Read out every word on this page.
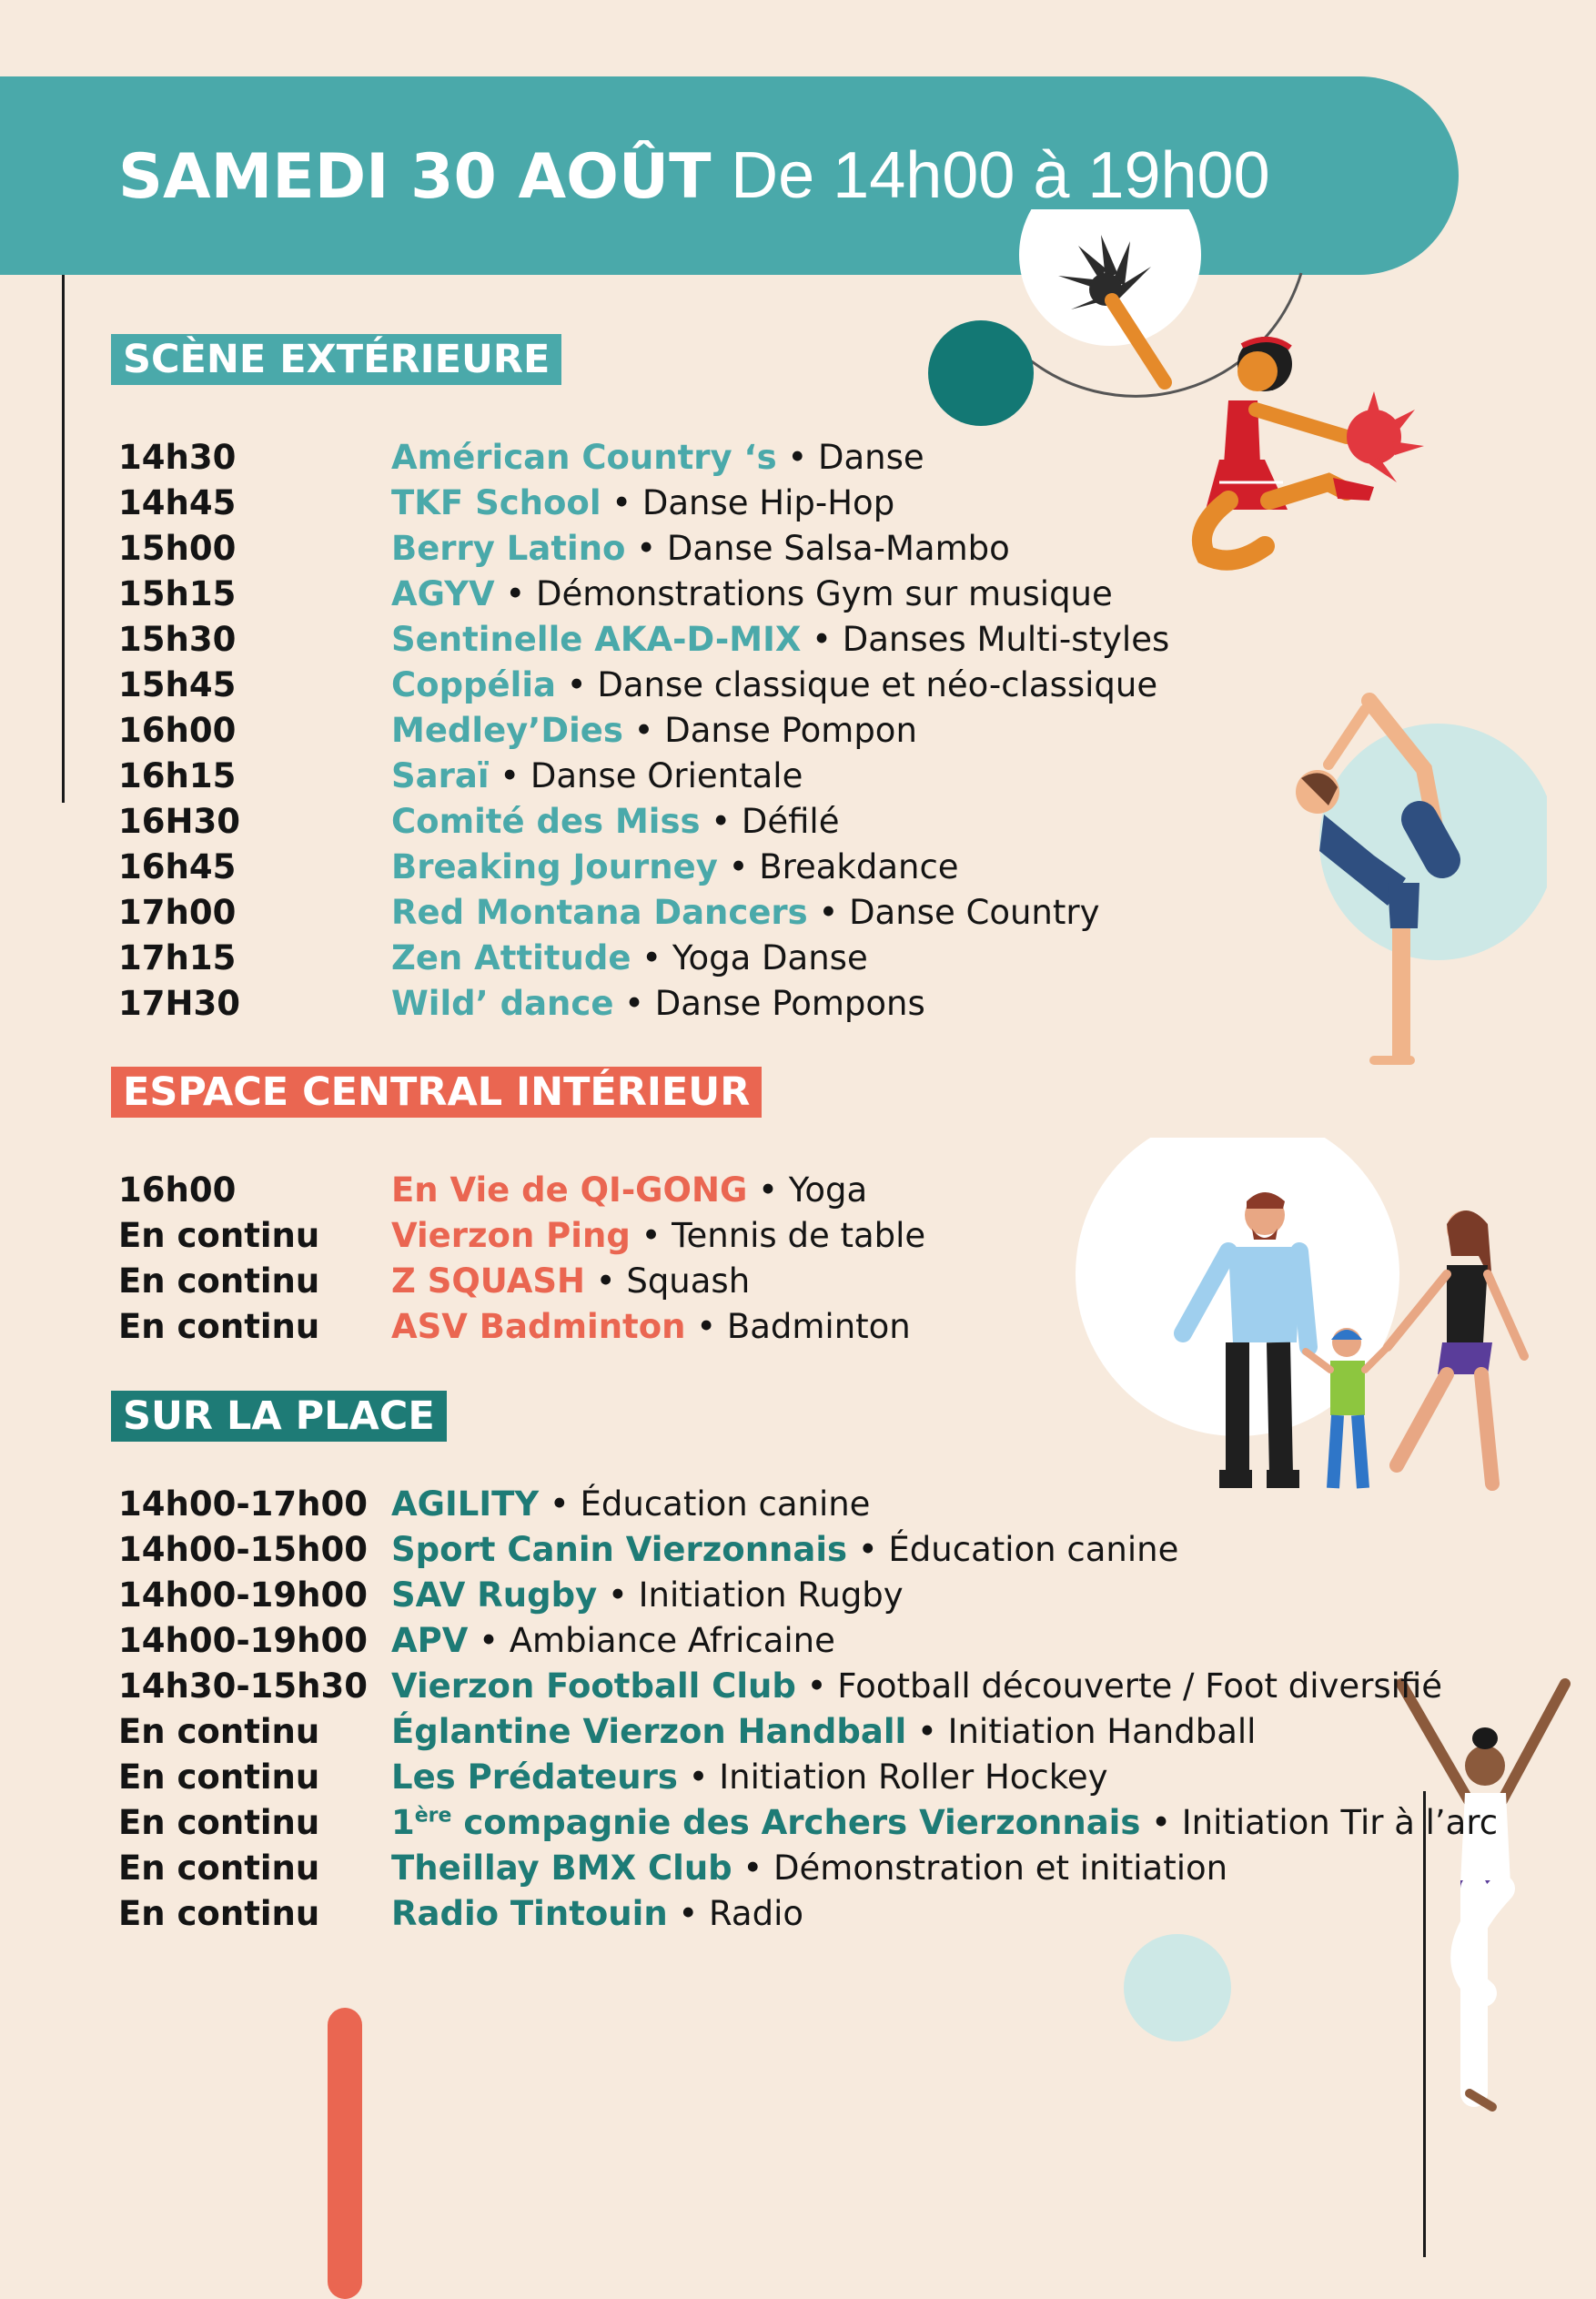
SAMEDI 30 AOÛT De 14h00 à 19h00
SCÈNE EXTÉRIEURE
14h30	Américan Country ‘s • Danse
14h45	TKF School • Danse Hip-Hop
15h00	Berry Latino • Danse Salsa-Mambo
15h15	AGYV • Démonstrations Gym sur musique
15h30	Sentinelle AKA-D-MIX • Danses Multi-styles
15h45	Coppélia • Danse classique et néo-classique
16h00	Medley’Dies • Danse Pompon
16h15	Saraï • Danse Orientale
16H30	Comité des Miss • Défilé
16h45	Breaking Journey • Breakdance
17h00	Red Montana Dancers • Danse Country
17h15	Zen Attitude • Yoga Danse
17H30	Wild’ dance • Danse Pompons
ESPACE CENTRAL INTÉRIEUR
16h00	En Vie de QI-GONG • Yoga
En continu Vierzon Ping • Tennis de table
En continu Z SQUASH • Squash
En continu ASV Badminton • Badminton
SUR LA PLACE
14h00-17h00 AGILITY • Éducation canine
14h00-15h00 Sport Canin Vierzonnais • Éducation canine
14h00-19h00 SAV Rugby • Initiation Rugby
14h00-19h00 APV • Ambiance Africaine
14h30-15h30 Vierzon Football Club • Football découverte / Foot diversifié
En continu Églantine Vierzon Handball • Initiation Handball
En continu Les Prédateurs • Initiation Roller Hockey
En continu 1ère compagnie des Archers Vierzonnais • Initiation Tir à l’arc
En continu Theillay BMX Club • Démonstration et initiation
En continu Radio Tintouin • Radio
